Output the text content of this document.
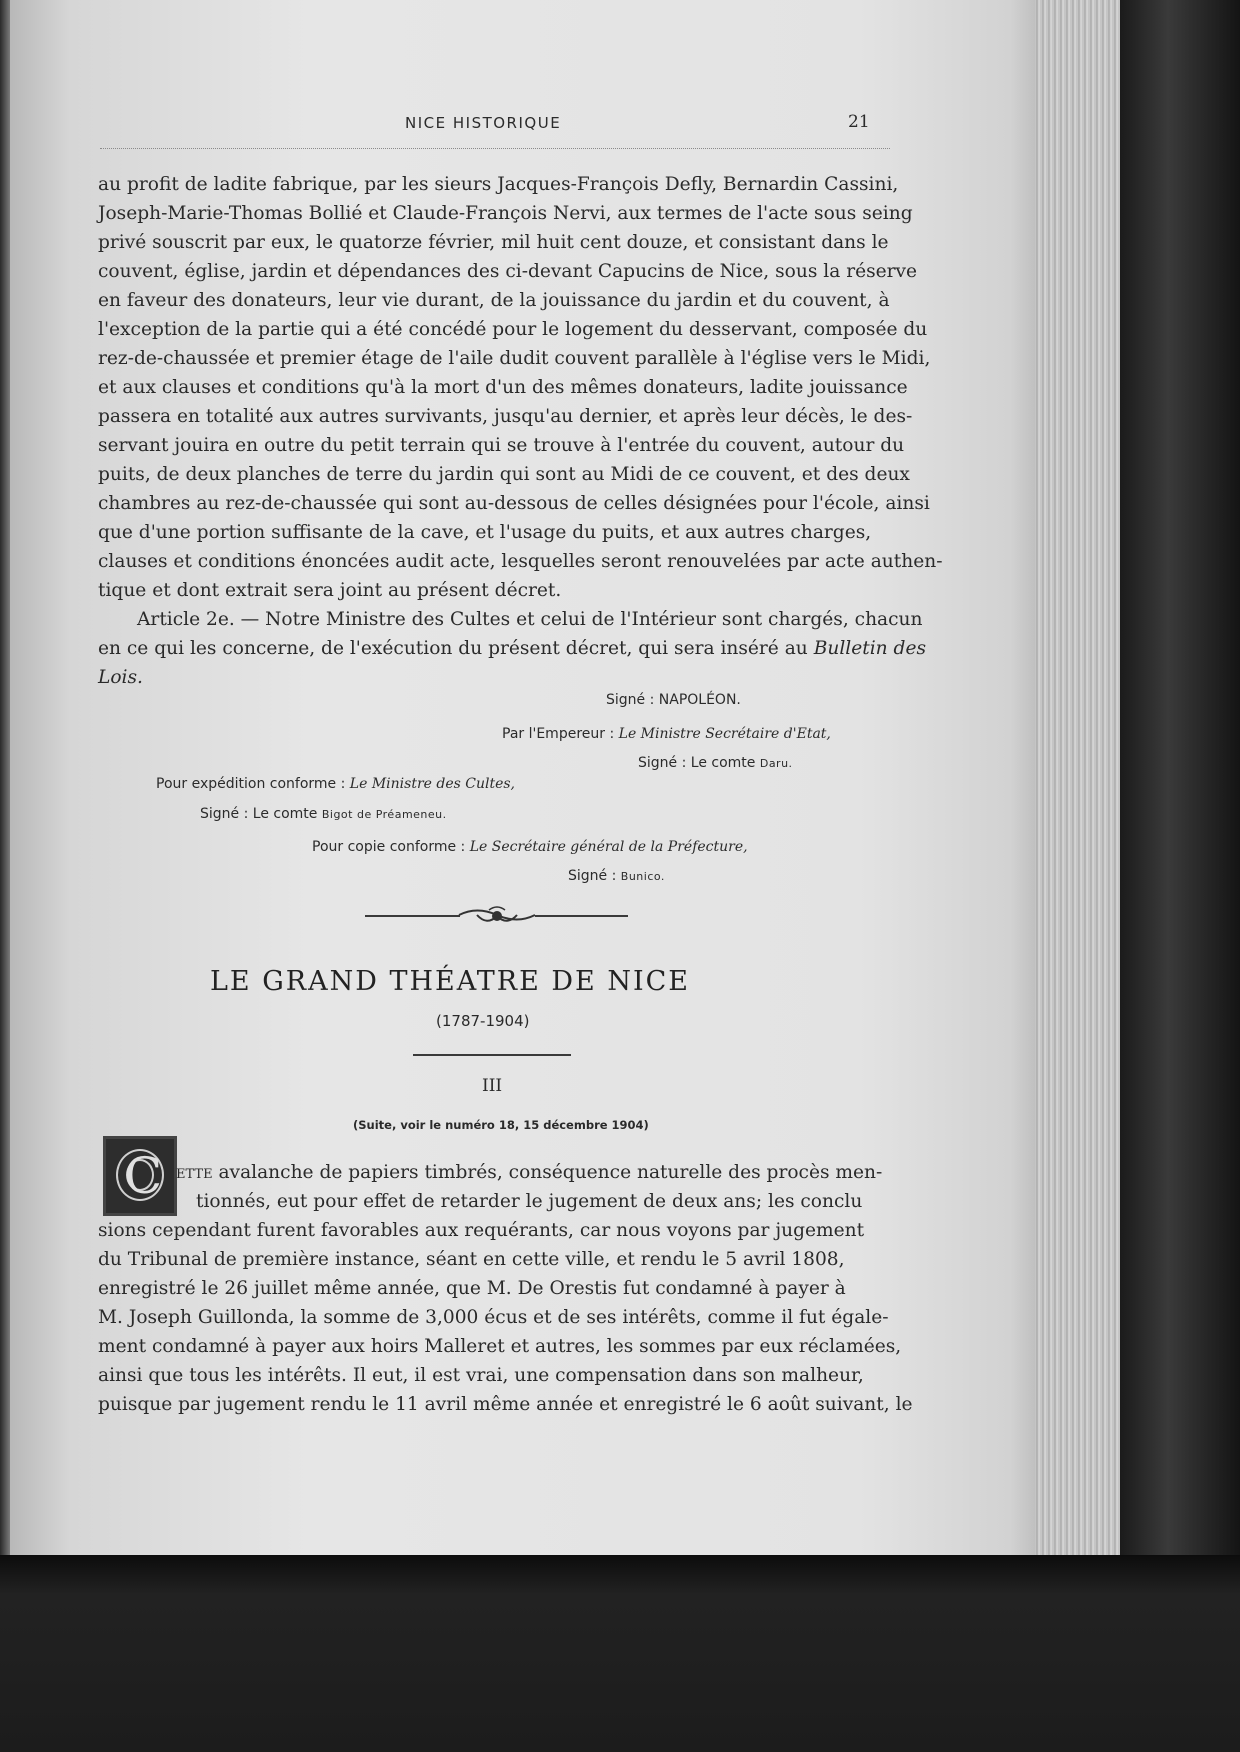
NICE HISTORIQUE	21
au profit de ladite fabrique, par les sieurs Jacques-François Defly, Bernardin Cassini,
Joseph-Marie-Thomas Bollié et Claude-François Nervi, aux termes de l'acte sous seing
privé souscrit par eux, le quatorze février, mil huit cent douze, et consistant dans le
couvent, église, jardin et dépendances des ci-devant Capucins de Nice, sous la réserve
en faveur des donateurs, leur vie durant, de la jouissance du jardin et du couvent, à
l'exception de la partie qui a été concédé pour le logement du desservant, composée du
rez-de-chaussée et premier étage de l'aile dudit couvent parallèle à l'église vers le Midi,
et aux clauses et conditions qu'à la mort d'un des mêmes donateurs, ladite jouissance
passera en totalité aux autres survivants, jusqu'au dernier, et après leur décès, le des-
servant jouira en outre du petit terrain qui se trouve à l'entrée du couvent, autour du
puits, de deux planches de terre du jardin qui sont au Midi de ce couvent, et des deux
chambres au rez-de-chaussée qui sont au-dessous de celles désignées pour l'école, ainsi
que d'une portion suffisante de la cave, et l'usage du puits, et aux autres charges,
clauses et conditions énoncées audit acte, lesquelles seront renouvelées par acte authen-
tique et dont extrait sera joint au présent décret.
Article 2e. — Notre Ministre des Cultes et celui de l'Intérieur sont chargés, chacun
en ce qui les concerne, de l'exécution du présent décret, qui sera inséré au Bulletin des
Lois.
Signé : NAPOLÉON.
Par l'Empereur : Le Ministre Secrétaire d'Etat,
Signé : Le comte Daru.
Pour expédition conforme : Le Ministre des Cultes,
Signé : Le comte Bigot de Préameneu.
Pour copie conforme : Le Secrétaire général de la Préfecture,
Signé : Bunico.
LE GRAND THÉATRE DE NICE
(1787-1904)
III
(Suite, voir le numéro 18, 15 décembre 1904)
C ette avalanche de papiers timbrés, conséquence naturelle des procès men-
tionnés, eut pour effet de retarder le jugement de deux ans; les conclu
sions cependant furent favorables aux requérants, car nous voyons par jugement
du Tribunal de première instance, séant en cette ville, et rendu le 5 avril 1808,
enregistré le 26 juillet même année, que M. De Orestis fut condamné à payer à
M. Joseph Guillonda, la somme de 3,000 écus et de ses intérêts, comme il fut égale-
ment condamné à payer aux hoirs Malleret et autres, les sommes par eux réclamées,
ainsi que tous les intérêts. Il eut, il est vrai, une compensation dans son malheur,
puisque par jugement rendu le 11 avril même année et enregistré le 6 août suivant, le
